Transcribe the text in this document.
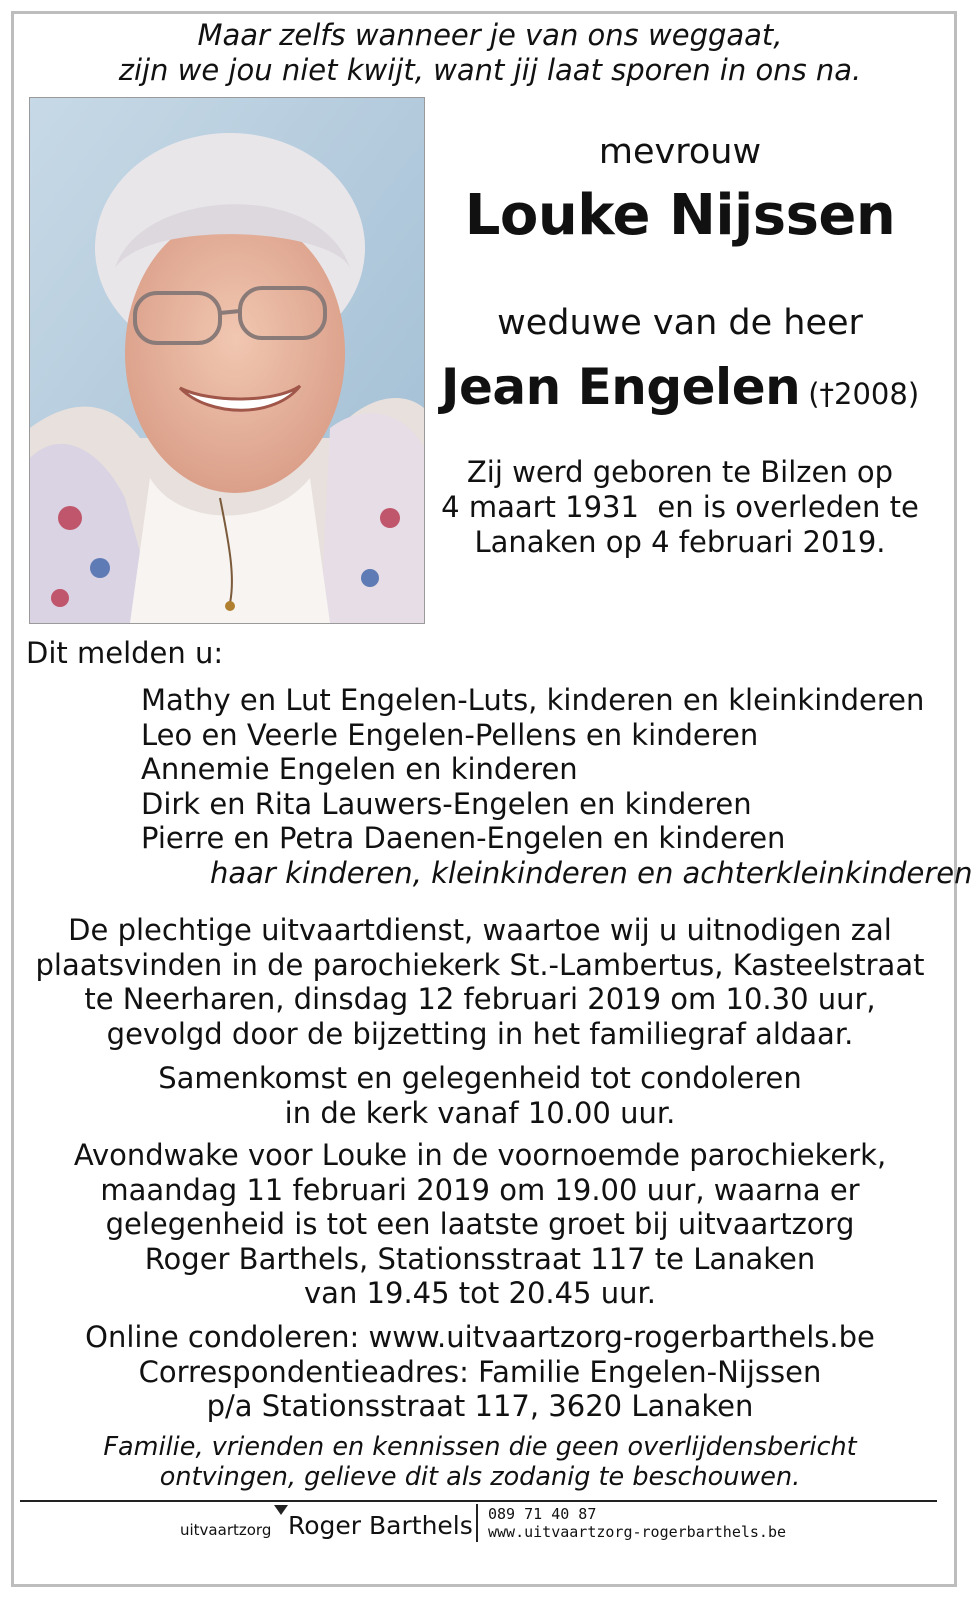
Maar zelfs wanneer je van ons weggaat,
zijn we jou niet kwijt, want jij laat sporen in ons na.
mevrouw
Louke Nijssen
weduwe van de heer
Jean Engelen (†2008)
Zij werd geboren te Bilzen op
4 maart 1931  en is overleden te
Lanaken op 4 februari 2019.
Dit melden u:
Mathy en Lut Engelen-Luts, kinderen en kleinkinderen
Leo en Veerle Engelen-Pellens en kinderen
Annemie Engelen en kinderen
Dirk en Rita Lauwers-Engelen en kinderen
Pierre en Petra Daenen-Engelen en kinderen
haar kinderen, kleinkinderen en achterkleinkinderen
De plechtige uitvaartdienst, waartoe wij u uitnodigen zal
plaatsvinden in de parochiekerk St.-Lambertus, Kasteelstraat
te Neerharen, dinsdag 12 februari 2019 om 10.30 uur,
gevolgd door de bijzetting in het familiegraf aldaar.
Samenkomst en gelegenheid tot condoleren
in de kerk vanaf 10.00 uur.
Avondwake voor Louke in de voornoemde parochiekerk,
maandag 11 februari 2019 om 19.00 uur, waarna er
gelegenheid is tot een laatste groet bij uitvaartzorg
Roger Barthels, Stationsstraat 117 te Lanaken
van 19.45 tot 20.45 uur.
Online condoleren: www.uitvaartzorg-rogerbarthels.be
Correspondentieadres: Familie Engelen-Nijssen
p/a Stationsstraat 117, 3620 Lanaken
Familie, vrienden en kennissen die geen overlijdensbericht
ontvingen, gelieve dit als zodanig te beschouwen.
uitvaartzorg Roger Barthels 089 71 40 87
www.uitvaartzorg-rogerbarthels.be
